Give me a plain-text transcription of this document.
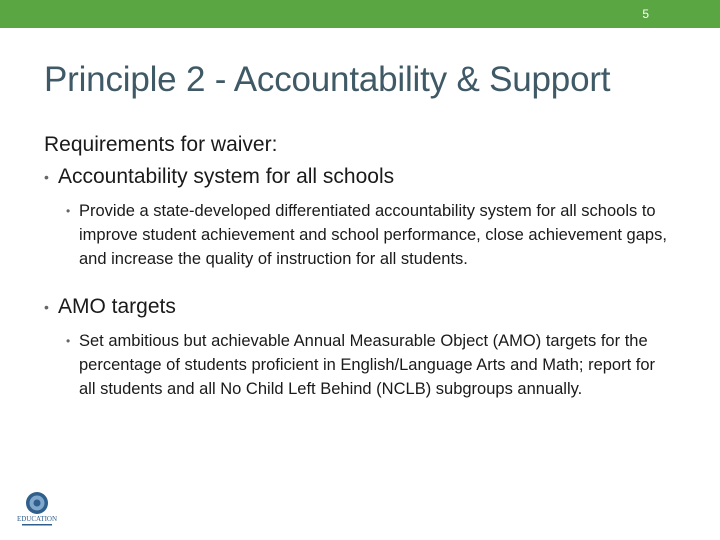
5
Principle 2 - Accountability & Support

Requirements for waiver:

• Accountability system for all schools
• Provide a state-developed differentiated accountability system for all schools to improve student achievement and school performance, close achievement gaps, and increase the quality of instruction for all students.
• AMO targets
• Set ambitious but achievable Annual Measurable Object (AMO) targets for the percentage of students proficient in English/Language Arts and Math; report for all students and all No Child Left Behind (NCLB) subgroups annually.
EDUCATION
